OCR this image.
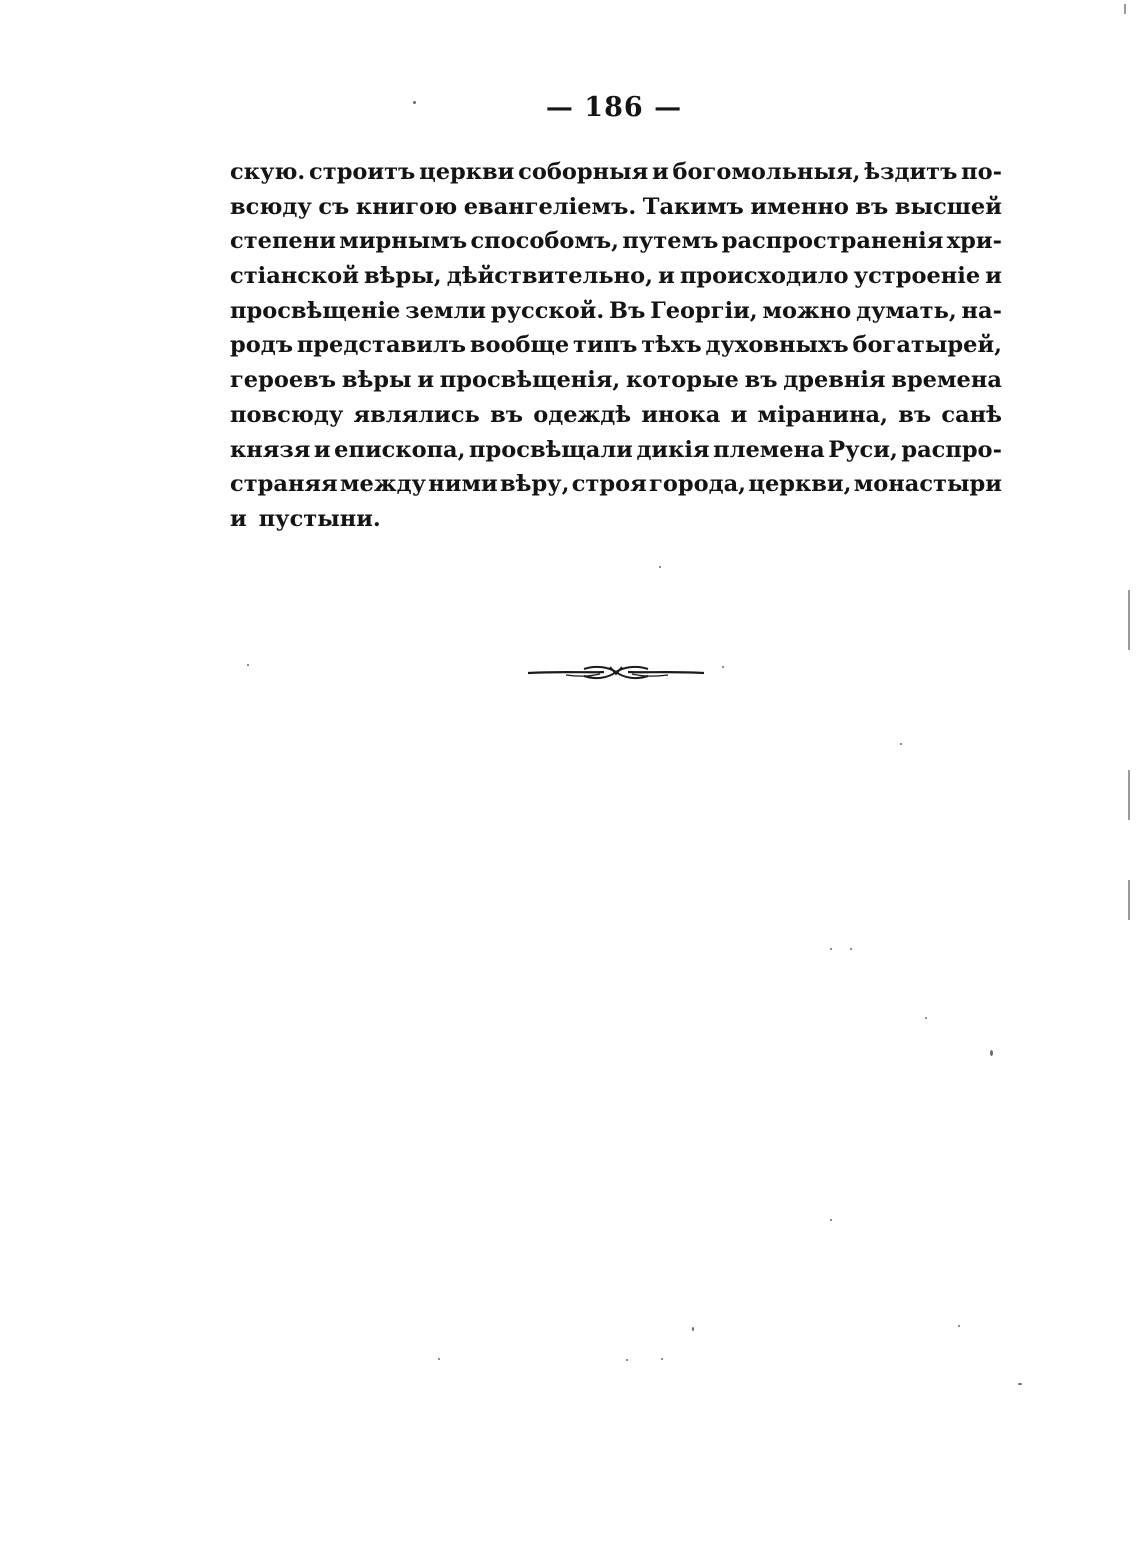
— 186 —
скую. строитъ церкви соборныя и богомольныя, ѣздитъ по-
всюду съ книгою евангеліемъ. Такимъ именно въ высшей
степени мирнымъ способомъ, путемъ распространенія хри-
стіанской вѣры, дѣйствительно, и происходило устроеніе и
просвѣщеніе земли русской. Въ Георгіи, можно думать, на-
родъ представилъ вообще типъ тѣхъ духовныхъ богатырей,
героевъ вѣры и просвѣщенія, которые въ древнія времена
повсюду являлись въ одеждѣ инока и міранина, въ санѣ
князя и епископа, просвѣщали дикія племена Руси, распро-
страняя между ними вѣру, строя города, церкви, монастыри
и пустыни.
